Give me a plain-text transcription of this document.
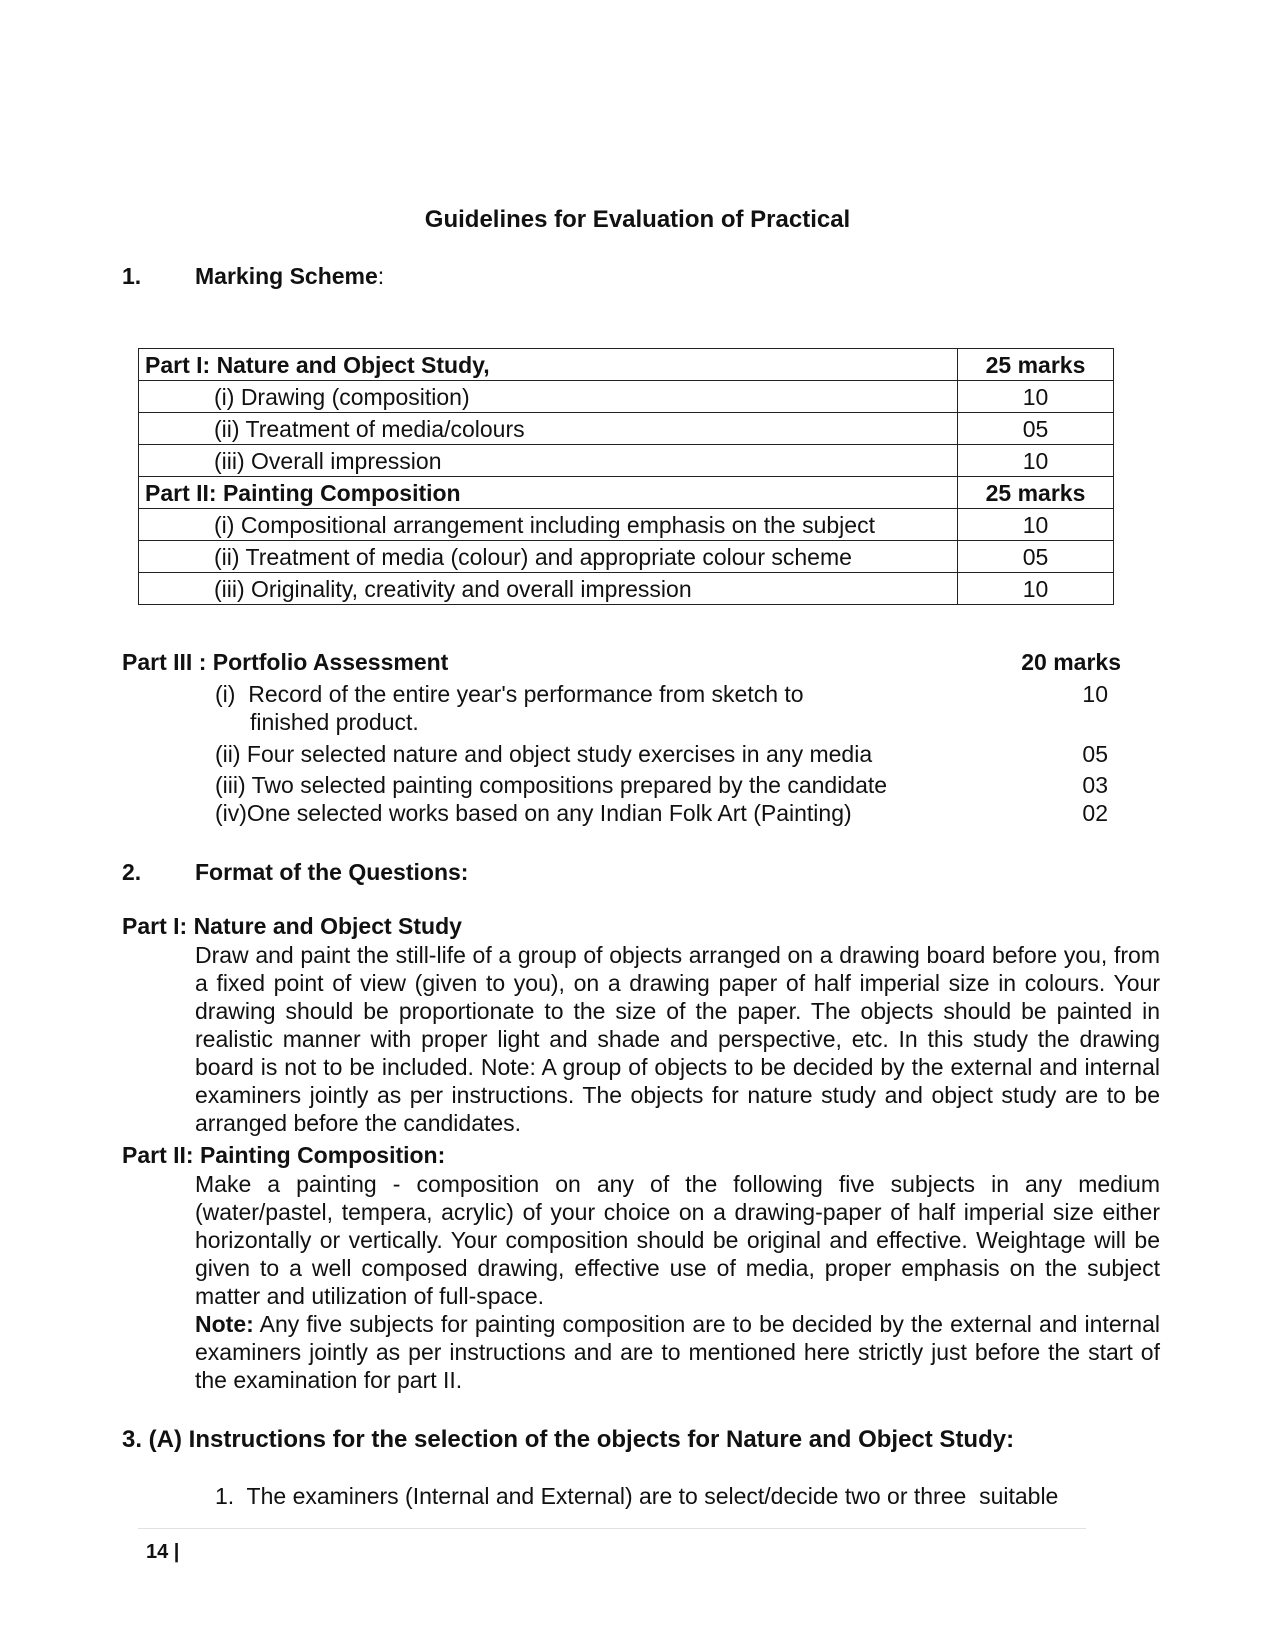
Guidelines for Evaluation of Practical
1. Marking Scheme:
Part I: Nature and Object Study,	25 marks
(i) Drawing (composition)	10
(ii) Treatment of media/colours	05
(iii) Overall impression	10
Part II: Painting Composition	25 marks
(i) Compositional arrangement including emphasis on the subject	10
(ii) Treatment of media (colour) and appropriate colour scheme	05
(iii) Originality, creativity and overall impression	10
Part III : Portfolio Assessment	20 marks
(i)  Record of the entire year's performance from sketch to	10
finished product.
(ii) Four selected nature and object study exercises in any media	05
(iii) Two selected painting compositions prepared by the candidate	03
(iv)One selected works based on any Indian Folk Art (Painting)	02
2. Format of the Questions:
Part I: Nature and Object Study

Draw and paint the still-life of a group of objects arranged on a drawing board before you, from a fixed point of view (given to you), on a drawing paper of half imperial size in colours. Your drawing should be proportionate to the size of the paper. The objects should be painted in realistic manner with proper light and shade and perspective, etc. In this study the drawing board is not to be included. Note: A group of objects to be decided by the external and internal examiners jointly as per instructions. The objects for nature study and object study are to be arranged before the candidates.

Part II: Painting Composition:

Make a painting - composition on any of the following five subjects in any medium (water/pastel, tempera, acrylic) of your choice on a drawing-paper of half imperial size either horizontally or vertically. Your composition should be original and effective. Weightage will be given to a well composed drawing, effective use of media, proper emphasis on the subject matter and utilization of full-space.

Note: Any five subjects for painting composition are to be decided by the external and internal examiners jointly as per instructions and are to mentioned here strictly just before the start of the examination for part II.

3. (A) Instructions for the selection of the objects for Nature and Object Study:
1.  The examiners (Internal and External) are to select/decide two or three  suitable
14 |
